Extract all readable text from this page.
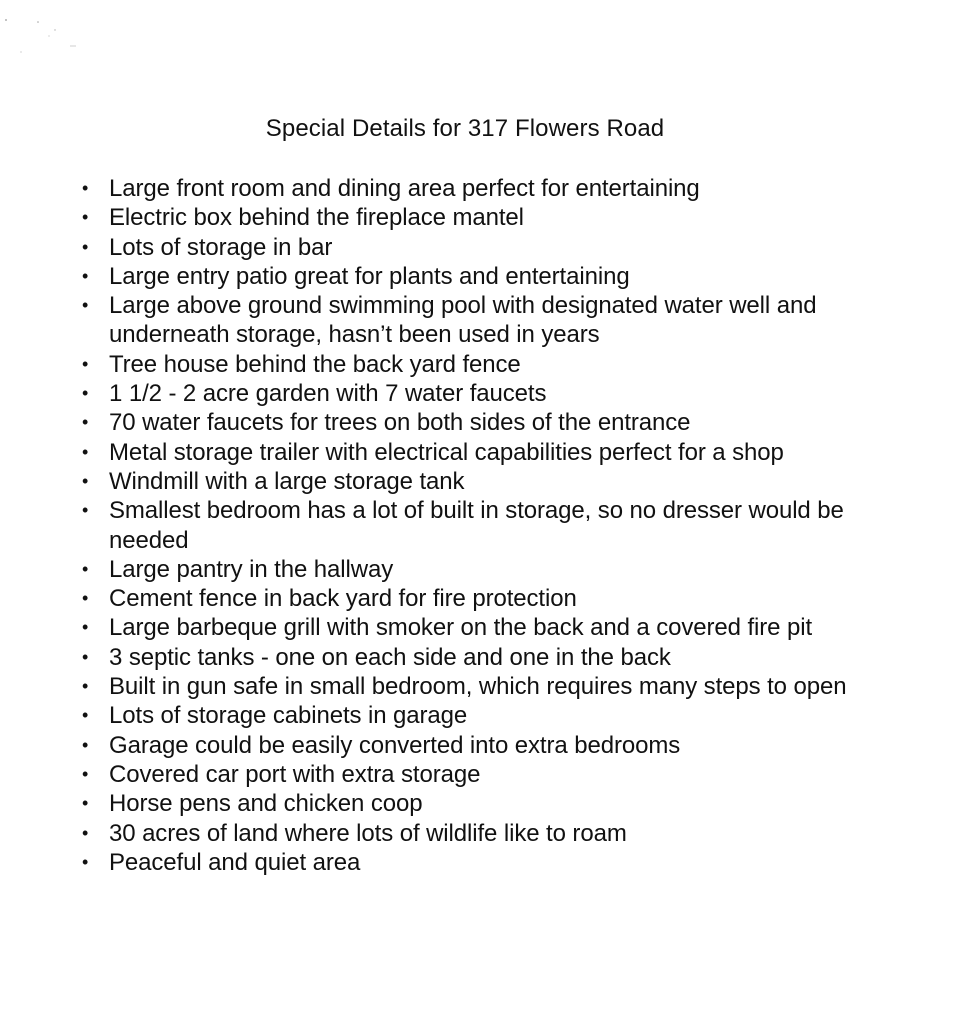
Special Details for 317 Flowers Road
• Large front room and dining area perfect for entertaining
• Electric box behind the fireplace mantel
• Lots of storage in bar
• Large entry patio great for plants and entertaining
• Large above ground swimming pool with designated water well and underneath storage, hasn’t been used in years
• Tree house behind the back yard fence
• 1 1/2 - 2 acre garden with 7 water faucets
• 70 water faucets for trees on both sides of the entrance
• Metal storage trailer with electrical capabilities perfect for a shop
• Windmill with a large storage tank
• Smallest bedroom has a lot of built in storage, so no dresser would be needed
• Large pantry in the hallway
• Cement fence in back yard for fire protection
• Large barbeque grill with smoker on the back and a covered fire pit
• 3 septic tanks - one on each side and one in the back
• Built in gun safe in small bedroom, which requires many steps to open
• Lots of storage cabinets in garage
• Garage could be easily converted into extra bedrooms
• Covered car port with extra storage
• Horse pens and chicken coop
• 30 acres of land where lots of wildlife like to roam
• Peaceful and quiet area
